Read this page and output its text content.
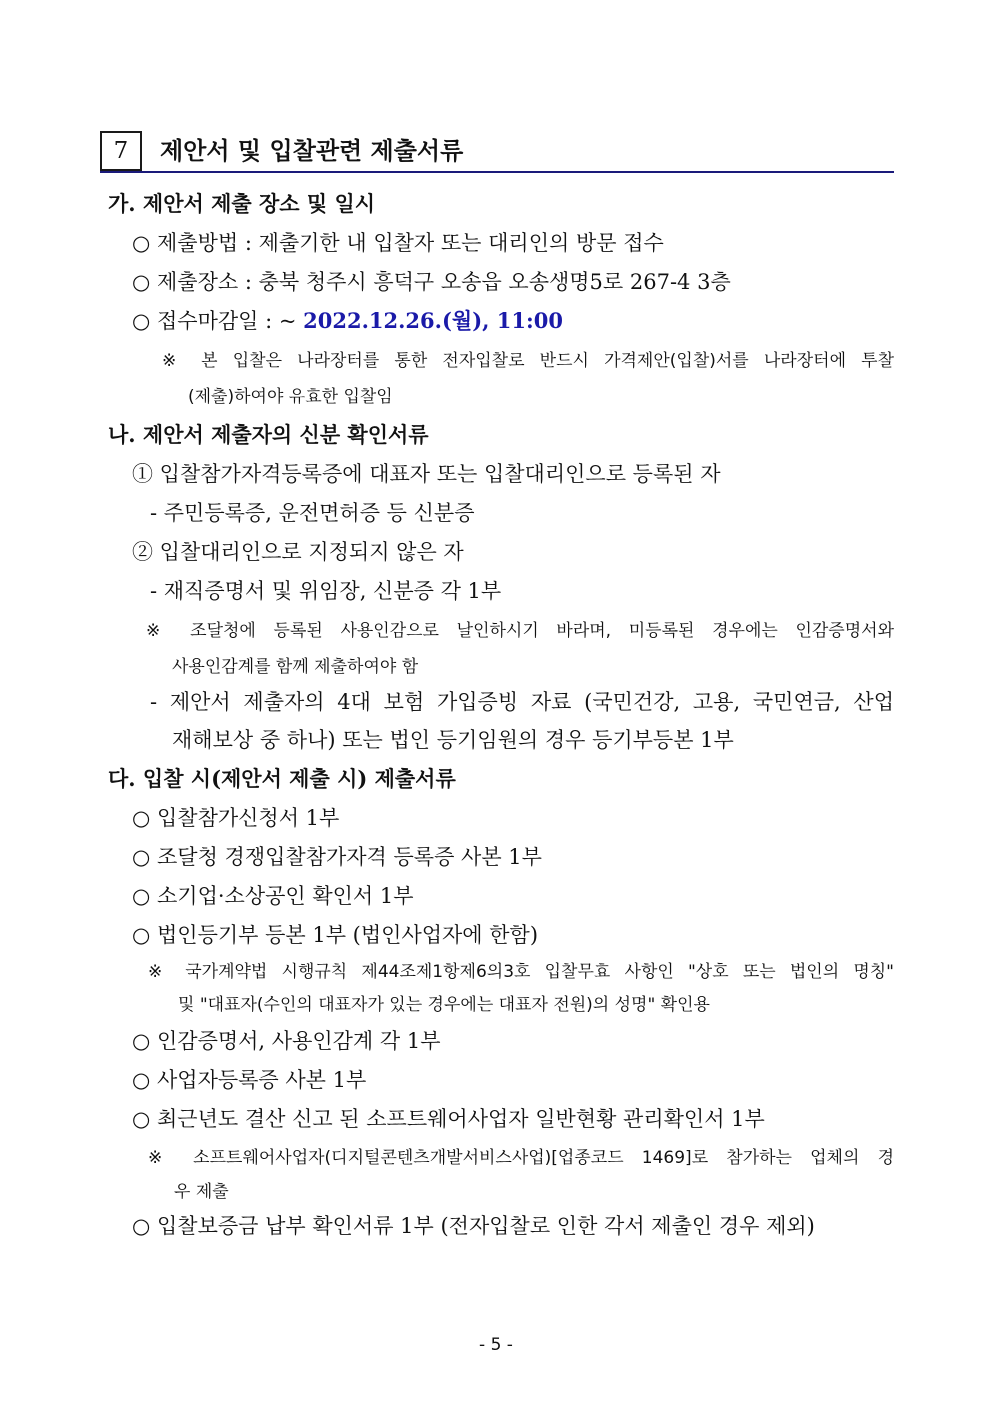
7	제안서 및 입찰관련 제출서류
가. 제안서 제출 장소 및 일시
○ 제출방법 : 제출기한 내 입찰자 또는 대리인의 방문 접수
○ 제출장소 : 충북 청주시 흥덕구 오송읍 오송생명5로 267-4 3층
○ 접수마감일 : ~ 2022.12.26.(월), 11:00
※ 본 입찰은 나라장터를 통한 전자입찰로 반드시 가격제안(입찰)서를 나라장터에 투찰
(제출)하여야 유효한 입찰임
나. 제안서 제출자의 신분 확인서류
① 입찰참가자격등록증에 대표자 또는 입찰대리인으로 등록된 자
- 주민등록증, 운전면허증 등 신분증
② 입찰대리인으로 지정되지 않은 자
- 재직증명서 및 위임장, 신분증 각 1부
※ 조달청에 등록된 사용인감으로 날인하시기 바라며, 미등록된 경우에는 인감증명서와
사용인감계를 함께 제출하여야 함
- 제안서 제출자의 4대 보험 가입증빙 자료 (국민건강, 고용, 국민연금, 산업
재해보상 중 하나) 또는 법인 등기임원의 경우 등기부등본 1부
다. 입찰 시(제안서 제출 시) 제출서류
○ 입찰참가신청서 1부
○ 조달청 경쟁입찰참가자격 등록증 사본 1부
○ 소기업·소상공인 확인서 1부
○ 법인등기부 등본 1부 (법인사업자에 한함)
※ 국가계약법 시행규칙 제44조제1항제6의3호 입찰무효 사항인 "상호 또는 법인의 명칭"
및 "대표자(수인의 대표자가 있는 경우에는 대표자 전원)의 성명" 확인용
○ 인감증명서, 사용인감계 각 1부
○ 사업자등록증 사본 1부
○ 최근년도 결산 신고 된 소프트웨어사업자 일반현황 관리확인서 1부
※ 소프트웨어사업자(디지털콘텐츠개발서비스사업)[업종코드 1469]로 참가하는 업체의 경
우 제출
○ 입찰보증금 납부 확인서류 1부 (전자입찰로 인한 각서 제출인 경우 제외)
- 5 -
